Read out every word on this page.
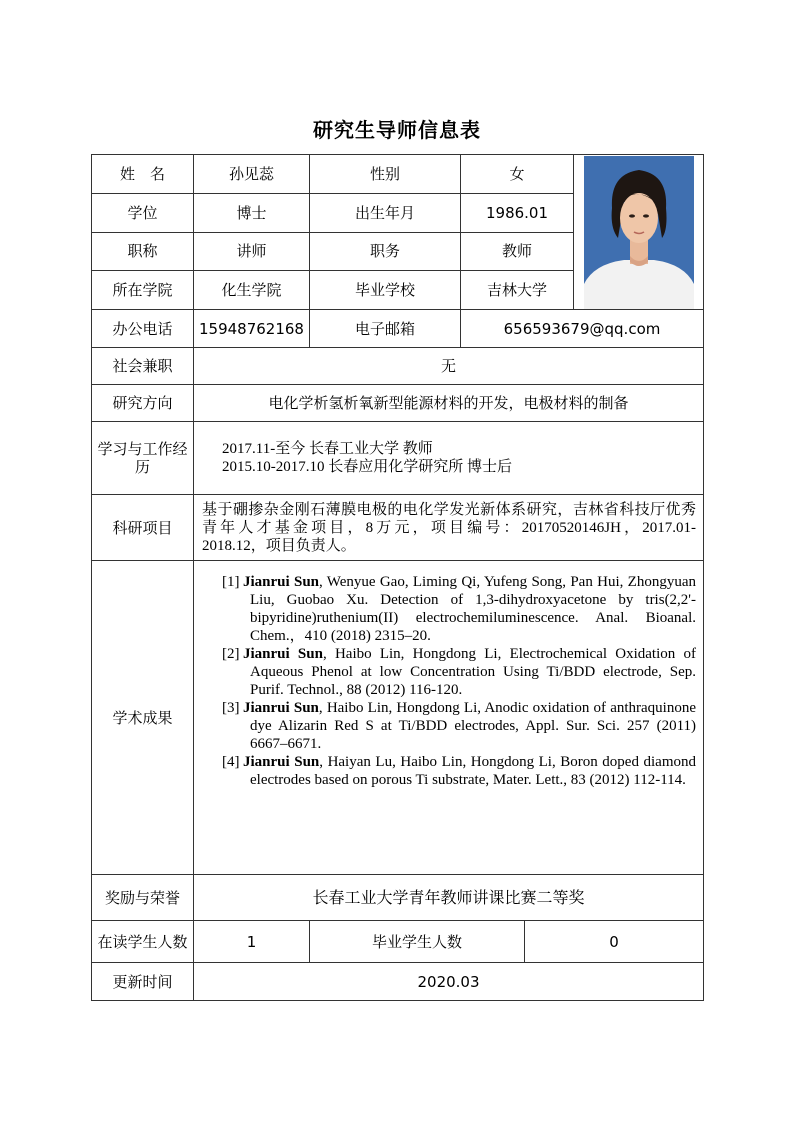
研究生导师信息表
姓　名	孙见蕊	性别	女	

学位	博士	出生年月	1986.01		
职称	讲师	职务	教师		
所在学院	化生学院	毕业学校	吉林大学		
办公电话	15948762168	电子邮箱	656593679@qq.com		
社会兼职	无				
研究方向	电化学析氢析氧新型能源材料的开发，电极材料的制备				
学习与工作经历	2017.11-至今 长春工业大学 教师
2015.10-2017.10 长春应用化学研究所 博士后				

科研项目	基于硼掺杂金刚石薄膜电极的电化学发光新体系研究，吉林省科技厅优秀青年人才基金项目，8万元，项目编号：20170520146JH，2017.01-2018.12，项目负责人。				
学术成果	[1] Jianrui Sun, Wenyue Gao, Liming Qi, Yufeng Song, Pan Hui, Zhongyuan Liu, Guobao Xu. Detection of 1,3-dihydroxyacetone by tris(2,2'-bipyridine)ruthenium(II) electrochemiluminescence. Anal. Bioanal. Chem.，410 (2018) 2315–20.
[2] Jianrui Sun, Haibo Lin, Hongdong Li, Electrochemical Oxidation of Aqueous Phenol at low Concentration Using Ti/BDD electrode, Sep. Purif. Technol., 88 (2012) 116-120.
[3] Jianrui Sun, Haibo Lin, Hongdong Li, Anodic oxidation of anthraquinone dye Alizarin Red S at Ti/BDD electrodes, Appl. Sur. Sci. 257 (2011) 6667–6671.
[4] Jianrui Sun, Haiyan Lu, Haibo Lin, Hongdong Li, Boron doped diamond electrodes based on porous Ti substrate, Mater. Lett., 83 (2012) 112-114.				

奖励与荣誉	长春工业大学青年教师讲课比赛二等奖				
在读学生人数	1	毕业学生人数		0	
更新时间	2020.03				
